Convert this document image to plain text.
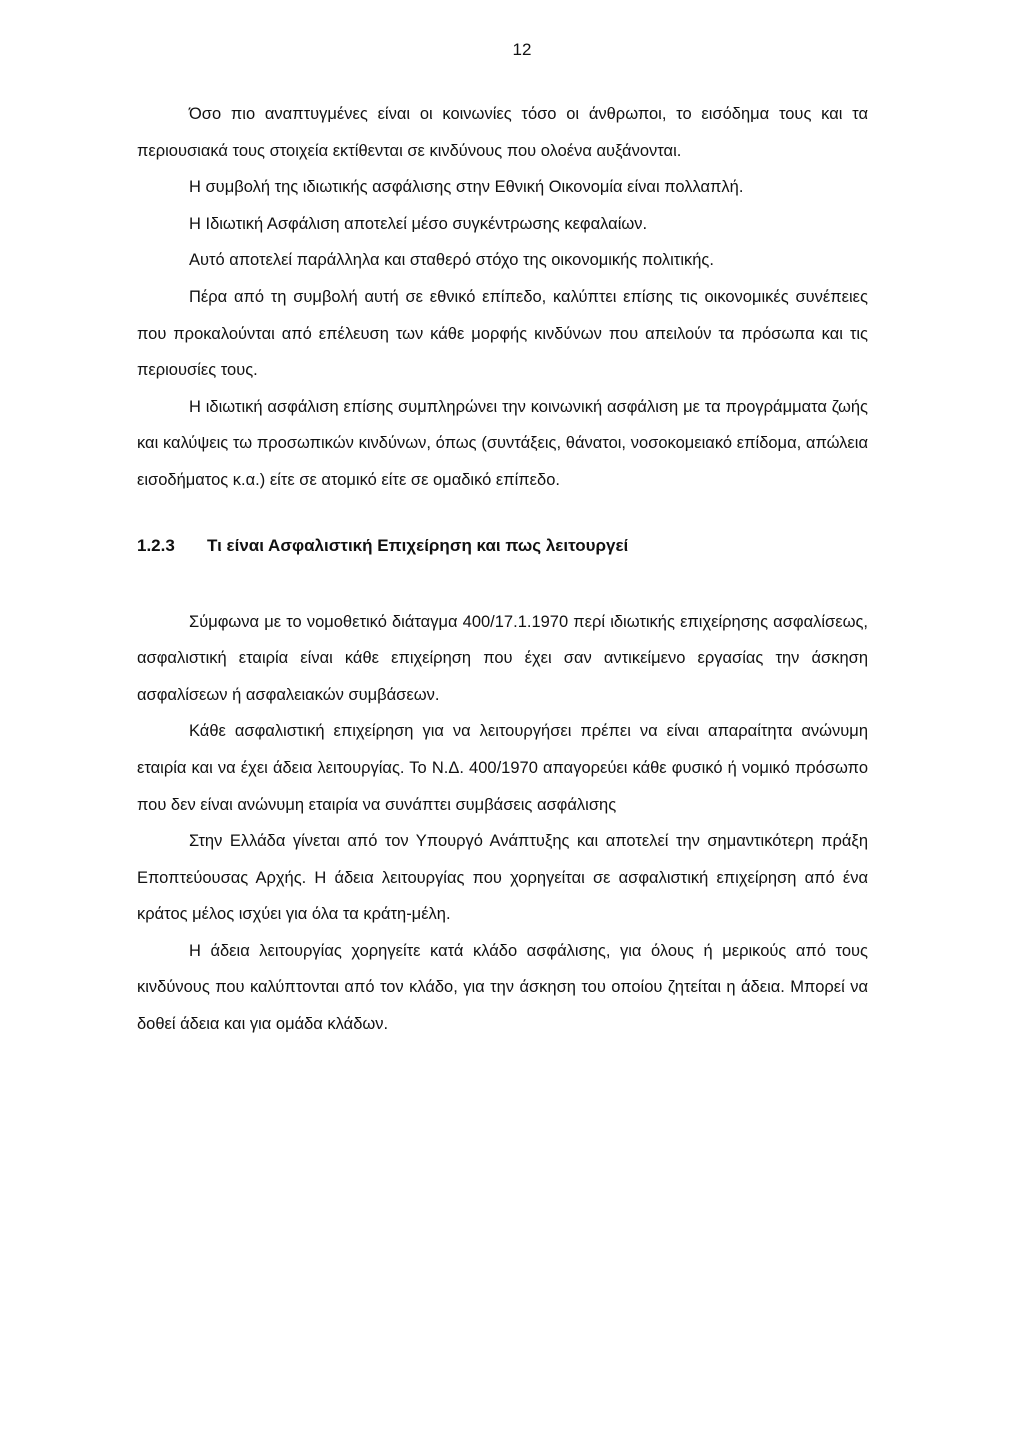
12

Όσο πιο αναπτυγμένες είναι οι κοινωνίες τόσο οι άνθρωποι, το εισόδημα τους και τα περιουσιακά τους στοιχεία εκτίθενται σε κινδύνους που ολοένα αυξάνονται.

Η συμβολή της ιδιωτικής ασφάλισης στην Εθνική Οικονομία είναι πολλαπλή.

Η Ιδιωτική Ασφάλιση αποτελεί μέσο συγκέντρωσης κεφαλαίων.

Αυτό αποτελεί παράλληλα και σταθερό στόχο της οικονομικής πολιτικής.

Πέρα από τη συμβολή αυτή σε εθνικό επίπεδο, καλύπτει επίσης τις οικονομικές συνέπειες που προκαλούνται από επέλευση των κάθε μορφής κινδύνων που απειλούν τα πρόσωπα και τις περιουσίες τους.

Η ιδιωτική ασφάλιση επίσης συμπληρώνει την κοινωνική ασφάλιση με τα προγράμματα ζωής και καλύψεις τω προσωπικών κινδύνων, όπως (συντάξεις, θάνατοι, νοσοκομειακό επίδομα, απώλεια εισοδήματος κ.α.) είτε σε ατομικό είτε σε ομαδικό επίπεδο.

1.2.3 Τι είναι Ασφαλιστική Επιχείρηση και πως λειτουργεί

Σύμφωνα με το νομοθετικό διάταγμα 400/17.1.1970 περί ιδιωτικής επιχείρησης ασφαλίσεως, ασφαλιστική εταιρία είναι κάθε επιχείρηση που έχει σαν αντικείμενο εργασίας την άσκηση ασφαλίσεων ή ασφαλειακών συμβάσεων.

Κάθε ασφαλιστική επιχείρηση για να λειτουργήσει πρέπει να είναι απαραίτητα ανώνυμη εταιρία και να έχει άδεια λειτουργίας. Το Ν.Δ. 400/1970 απαγορεύει κάθε φυσικό ή νομικό πρόσωπο που δεν είναι ανώνυμη εταιρία να συνάπτει συμβάσεις ασφάλισης

Στην Ελλάδα γίνεται από τον Υπουργό Ανάπτυξης και αποτελεί την σημαντικότερη πράξη Εποπτεύουσας Αρχής. Η άδεια λειτουργίας που χορηγείται σε ασφαλιστική επιχείρηση από ένα κράτος μέλος ισχύει για όλα τα κράτη-μέλη.

Η άδεια λειτουργίας χορηγείτε κατά κλάδο ασφάλισης, για όλους ή μερικούς από τους κινδύνους που καλύπτονται από τον κλάδο, για την άσκηση του οποίου ζητείται η άδεια. Μπορεί να δοθεί άδεια και για ομάδα κλάδων.
